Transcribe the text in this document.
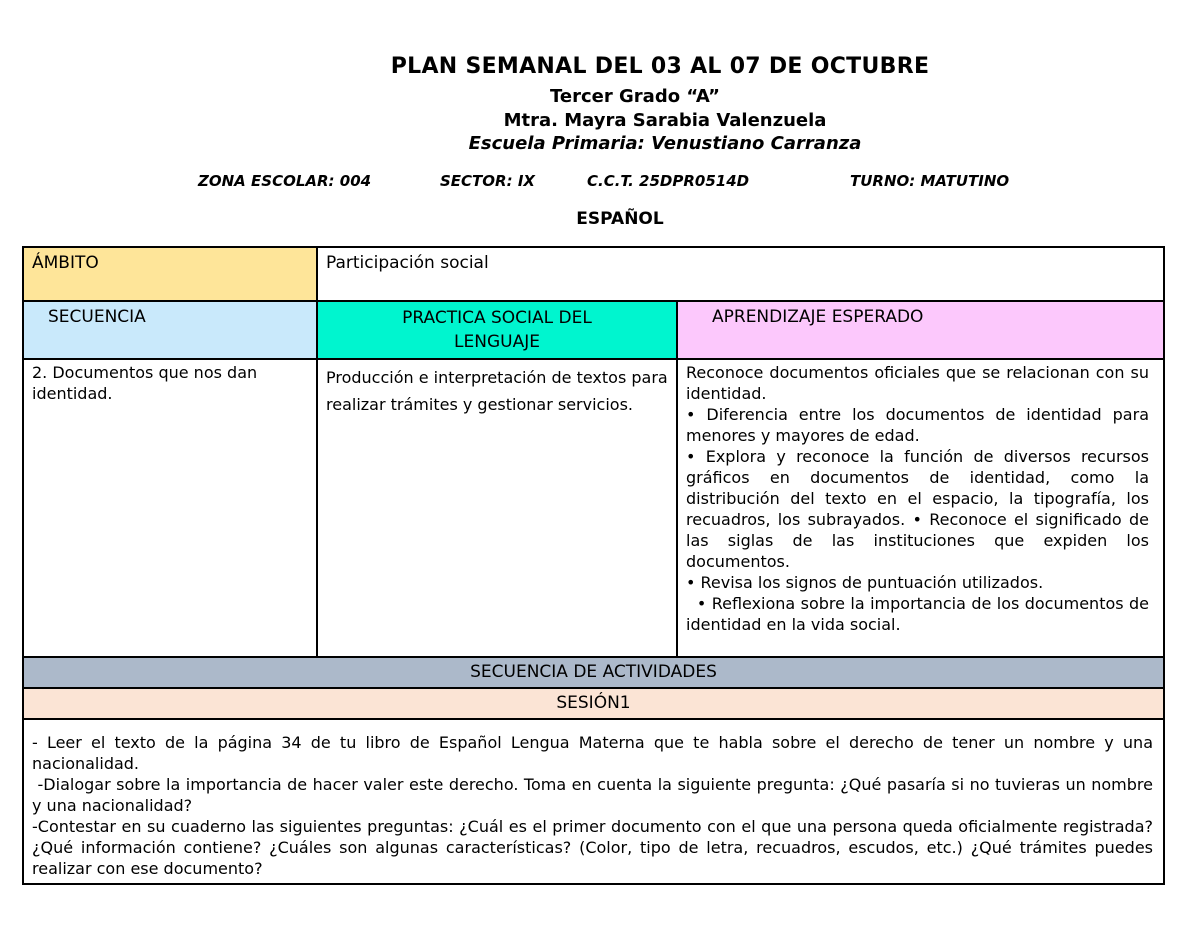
PLAN SEMANAL DEL 03 AL 07 DE OCTUBRE

Tercer Grado “A”

Mtra. Mayra Sarabia Valenzuela

Escuela Primaria: Venustiano Carranza

ZONA ESCOLAR: 004	SECTOR: IX	C.C.T. 25DPR0514D	TURNO: MATUTINO

ESPAÑOL

ÁMBITO	Participación social	

SECUENCIA	PRACTICA SOCIAL DEL LENGUAJE	APRENDIZAJE ESPERADO

2. Documentos que nos dan identidad.	Producción e interpretación de textos para realizar trámites y gestionar servicios.	Reconoce documentos oficiales que se relacionan con su identidad.
• Diferencia entre los documentos de identidad para menores y mayores de edad.
• Explora y reconoce la función de diversos recursos gráficos en documentos de identidad, como la distribución del texto en el espacio, la tipografía, los recuadros, los subrayados. • Reconoce el significado de las siglas de las instituciones que expiden los documentos.
• Revisa los signos de puntuación utilizados.
• Reflexiona sobre la importancia de los documentos de identidad en la vida social.

SECUENCIA DE ACTIVIDADES		

SESIÓN1		

- Leer el texto de la página 34 de tu libro de Español Lengua Materna que te habla sobre el derecho de tener un nombre y una nacionalidad.
-Dialogar sobre la importancia de hacer valer este derecho. Toma en cuenta la siguiente pregunta: ¿Qué pasaría si no tuvieras un nombre y una nacionalidad?
-Contestar en su cuaderno las siguientes preguntas: ¿Cuál es el primer documento con el que una persona queda oficialmente registrada? ¿Qué información contiene? ¿Cuáles son algunas características? (Color, tipo de letra, recuadros, escudos, etc.) ¿Qué trámites puedes realizar con ese documento?		
